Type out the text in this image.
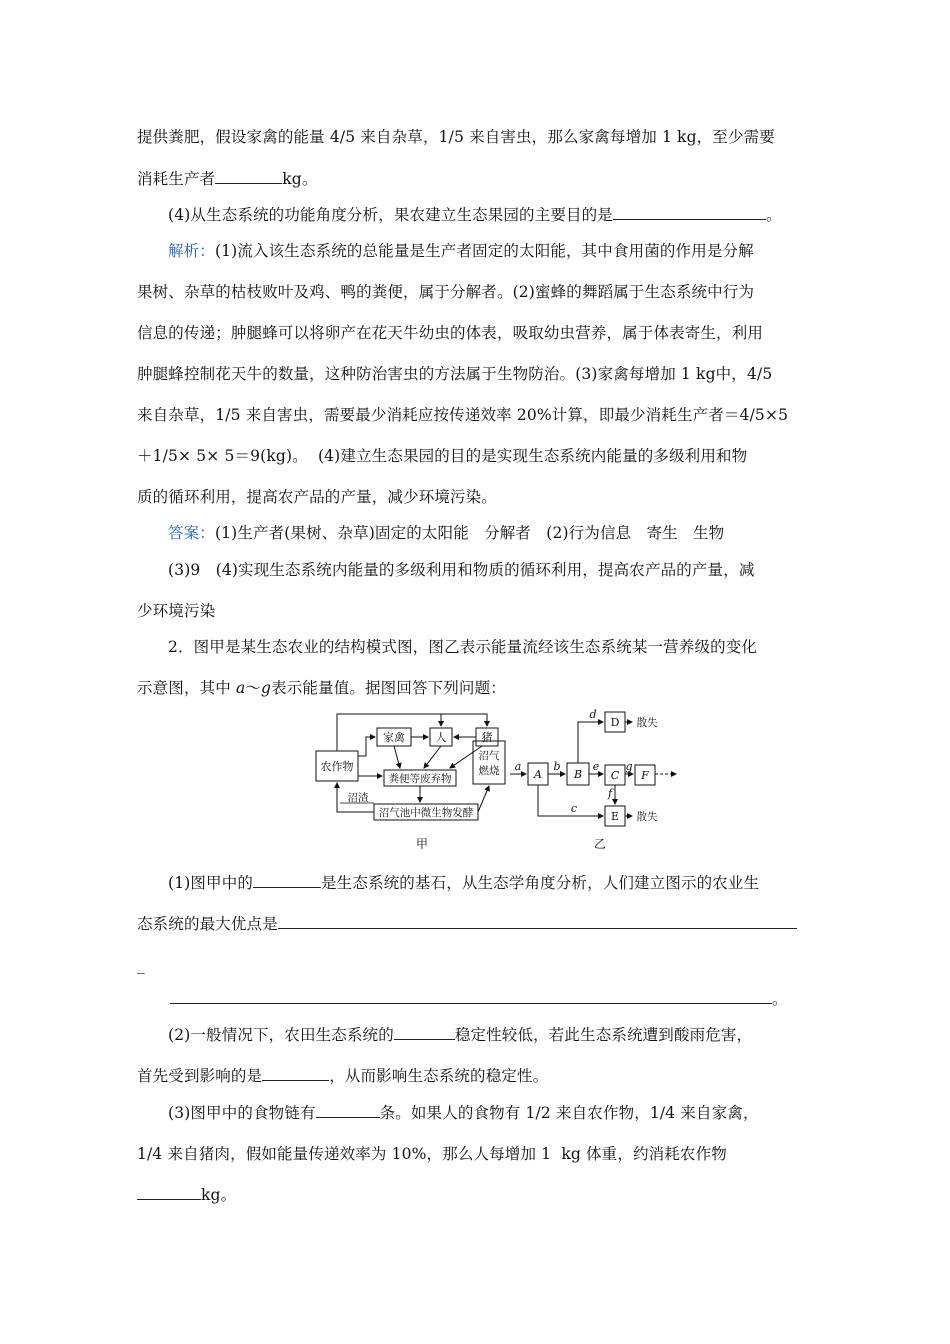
提供粪肥，假设家禽的能量 4/5 来自杂草，1/5 来自害虫，那么家禽每增加 1 kg，至少需要
消耗生产者	kg。
(4)从生态系统的功能角度分析，果农建立生态果园的主要目的是	。
解析：(1)流入该生态系统的总能量是生产者固定的太阳能，其中食用菌的作用是分解
果树、杂草的枯枝败叶及鸡、鸭的粪便，属于分解者。(2)蜜蜂的舞蹈属于生态系统中行为
信息的传递；肿腿蜂可以将卵产在花天牛幼虫的体表，吸取幼虫营养，属于体表寄生，利用
肿腿蜂控制花天牛的数量，这种防治害虫的方法属于生物防治。(3)家禽每增加 1 kg中，4/5
来自杂草，1/5 来自害虫，需要最少消耗应按传递效率 20%计算，即最少消耗生产者＝4/5×5
＋1/5× 5× 5＝9(kg)。  (4)建立生态果园的目的是实现生态系统内能量的多级利用和物
质的循环利用，提高农产品的产量，减少环境污染。
答案：(1)生产者(果树、杂草)固定的太阳能   分解者   (2)行为信息   寄生   生物
(3)9   (4)实现生态系统内能量的多级利用和物质的循环利用，提高农产品的产量，减
少环境污染
2．图甲是某生态农业的结构模式图，图乙表示能量流经该生态系统某一营养级的变化
示意图，其中 a～g表示能量值。据图回答下列问题：
农作物
家禽	人	猪
粪便等废弃物
沼气
燃烧
沼气池中微生物发酵
沼渣
甲
A	B
D
C
E
F
a	b
c
d
e
f
g
散失
散失
乙
(1)图甲中的	是生态系统的基石，从生态学角度分析，人们建立图示的农业生
态系统的最大优点是
_
。
(2)一般情况下，农田生态系统的	稳定性较低，若此生态系统遭到酸雨危害，
首先受到影响的是	，从而影响生态系统的稳定性。
(3)图甲中的食物链有	条。如果人的食物有 1/2 来自农作物，1/4 来自家禽，
1/4 来自猪肉，假如能量传递效率为 10%，那么人每增加 1  kg 体重，约消耗农作物
kg。
